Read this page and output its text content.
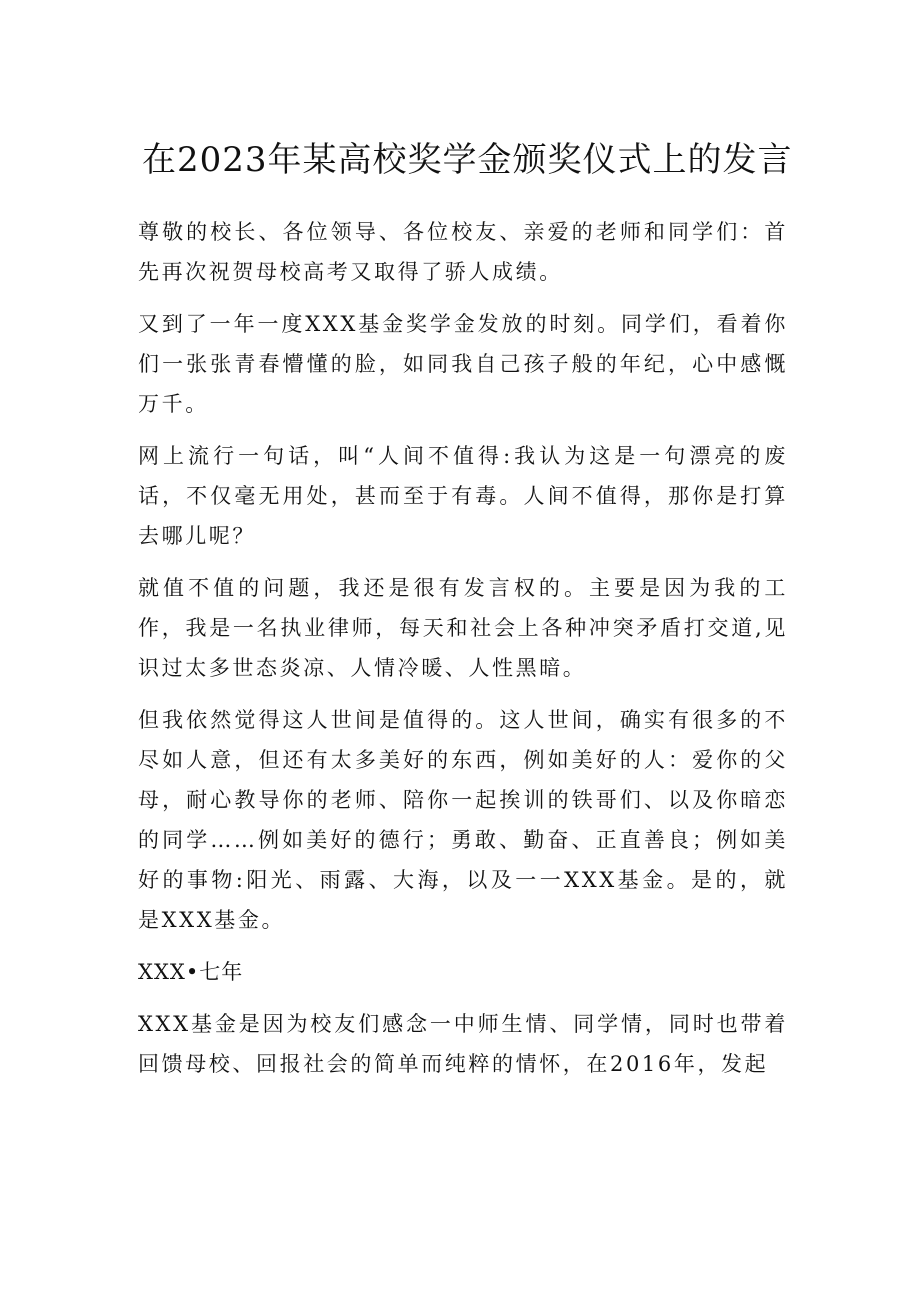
在2023年某高校奖学金颁奖仪式上的发言

尊敬的校长、各位领导、各位校友、亲爱的老师和同学们：首先再次祝贺母校高考又取得了骄人成绩。

又到了一年一度XXX基金奖学金发放的时刻。同学们，看着你们一张张青春懵懂的脸，如同我自己孩子般的年纪，心中感慨万千。

网上流行一句话，叫“人间不值得:我认为这是一句漂亮的废话，不仅毫无用处，甚而至于有毒。人间不值得，那你是打算去哪儿呢？

就值不值的问题，我还是很有发言权的。主要是因为我的工作，我是一名执业律师，每天和社会上各种冲突矛盾打交道,见识过太多世态炎凉、人情冷暖、人性黑暗。

但我依然觉得这人世间是值得的。这人世间，确实有很多的不尽如人意，但还有太多美好的东西，例如美好的人：爱你的父母，耐心教导你的老师、陪你一起挨训的铁哥们、以及你暗恋的同学……例如美好的德行；勇敢、勤奋、正直善良；例如美好的事物:阳光、雨露、大海，以及一一XXX基金。是的，就是XXX基金。

XXX•七年

XXX基金是因为校友们感念一中师生情、同学情，同时也带着回馈母校、回报社会的简单而纯粹的情怀，在2016年，发起
